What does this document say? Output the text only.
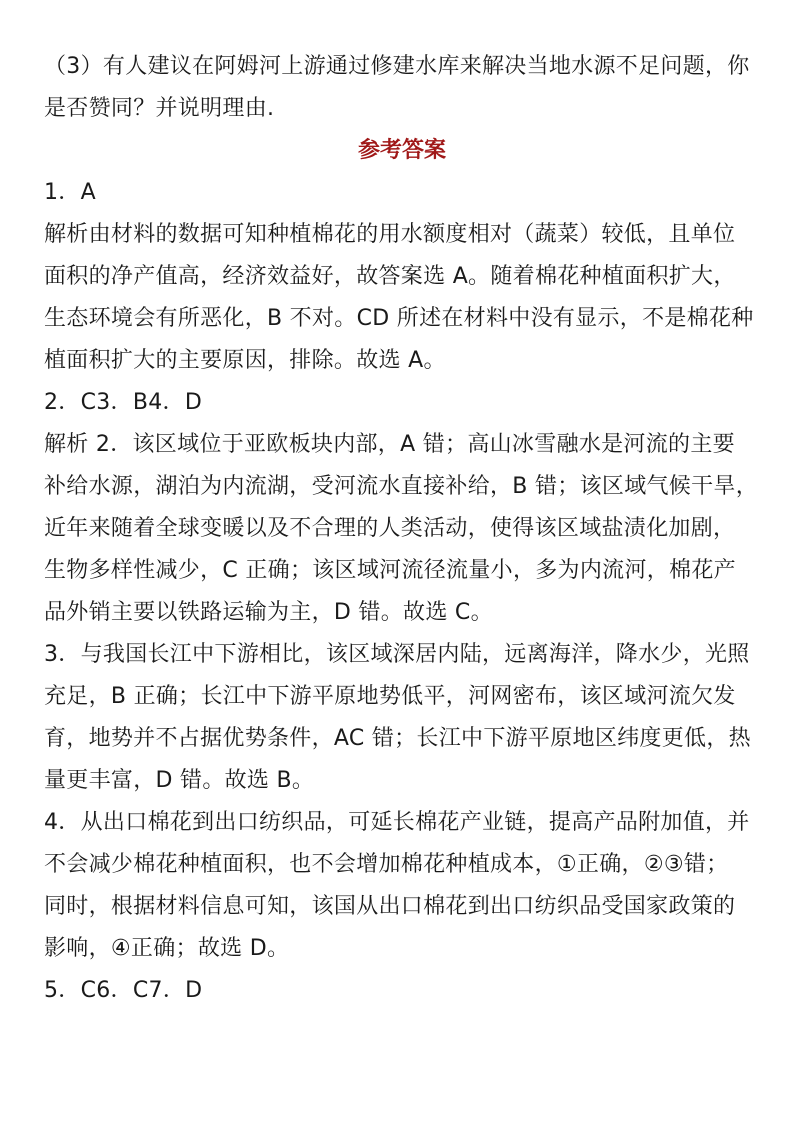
（3）有人建议在阿姆河上游通过修建水库来解决当地水源不足问题，你
是否赞同？并说明理由.
参考答案
1．A
解析由材料的数据可知种植棉花的用水额度相对（蔬菜）较低，且单位
面积的净产值高，经济效益好，故答案选 A。随着棉花种植面积扩大，
生态环境会有所恶化，B 不对。CD 所述在材料中没有显示，不是棉花种
植面积扩大的主要原因，排除。故选 A。
2．C3．B4．D
解析 2．该区域位于亚欧板块内部，A 错；高山冰雪融水是河流的主要
补给水源，湖泊为内流湖，受河流水直接补给，B 错；该区域气候干旱，
近年来随着全球变暖以及不合理的人类活动，使得该区域盐渍化加剧，
生物多样性减少，C 正确；该区域河流径流量小，多为内流河，棉花产
品外销主要以铁路运输为主，D 错。故选 C。
3．与我国长江中下游相比，该区域深居内陆，远离海洋，降水少，光照
充足，B 正确；长江中下游平原地势低平，河网密布，该区域河流欠发
育，地势并不占据优势条件，AC 错；长江中下游平原地区纬度更低，热
量更丰富，D 错。故选 B。
4．从出口棉花到出口纺织品，可延长棉花产业链，提高产品附加值，并
不会减少棉花种植面积，也不会增加棉花种植成本，①正确，②③错；
同时，根据材料信息可知，该国从出口棉花到出口纺织品受国家政策的
影响，④正确；故选 D。
5．C6．C7．D
